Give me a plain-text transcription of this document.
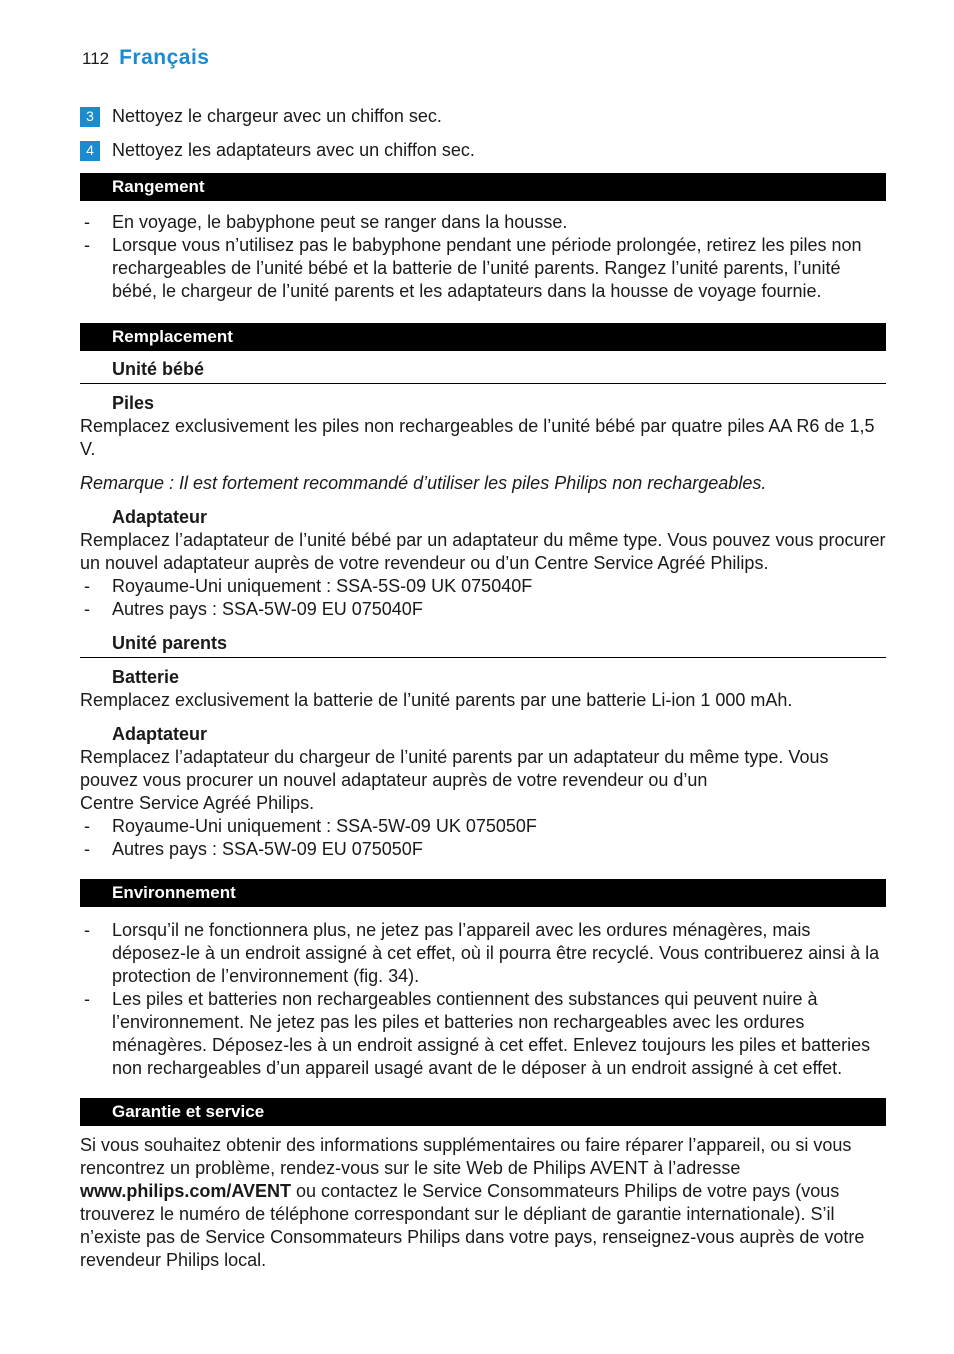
112 Français
3	Nettoyez le chargeur avec un chiffon sec.
4	Nettoyez les adaptateurs avec un chiffon sec.
Rangement
- En voyage, le babyphone peut se ranger dans la housse.
- Lorsque vous n’utilisez pas le babyphone pendant une période prolongée, retirez les piles non rechargeables de l’unité bébé et la batterie de l’unité parents. Rangez l’unité parents, l’unité bébé, le chargeur de l’unité parents et les adaptateurs dans la housse de voyage fournie.
Remplacement
Unité bébé
Piles

Remplacez exclusivement les piles non rechargeables de l’unité bébé par quatre piles AA R6 de 1,5 V.

Remarque : Il est fortement recommandé d’utiliser les piles Philips non rechargeables.

Adaptateur

Remplacez l’adaptateur de l’unité bébé par un adaptateur du même type. Vous pouvez vous procurer un nouvel adaptateur auprès de votre revendeur ou d’un Centre Service Agréé Philips.

- Royaume-Uni uniquement : SSA-5S-09 UK 075040F
- Autres pays : SSA-5W-09 EU 075040F
Unité parents
Batterie

Remplacez exclusivement la batterie de l’unité parents par une batterie Li-ion 1 000 mAh.

Adaptateur

Remplacez l’adaptateur du chargeur de l’unité parents par un adaptateur du même type. Vous pouvez vous procurer un nouvel adaptateur auprès de votre revendeur ou d’un

Centre Service Agréé Philips.

- Royaume-Uni uniquement : SSA-5W-09 UK 075050F
- Autres pays : SSA-5W-09 EU 075050F
Environnement
- Lorsqu’il ne fonctionnera plus, ne jetez pas l’appareil avec les ordures ménagères, mais déposez-le à un endroit assigné à cet effet, où il pourra être recyclé. Vous contribuerez ainsi à la protection de l’environnement (fig. 34).
- Les piles et batteries non rechargeables contiennent des substances qui peuvent nuire à l’environnement. Ne jetez pas les piles et batteries non rechargeables avec les ordures ménagères. Déposez-les à un endroit assigné à cet effet. Enlevez toujours les piles et batteries non rechargeables d’un appareil usagé avant de le déposer à un endroit assigné à cet effet.
Garantie et service

Si vous souhaitez obtenir des informations supplémentaires ou faire réparer l’appareil, ou si vous rencontrez un problème, rendez-vous sur le site Web de Philips AVENT à l’adresse www.philips.com/AVENT ou contactez le Service Consommateurs Philips de votre pays (vous trouverez le numéro de téléphone correspondant sur le dépliant de garantie internationale). S’il n’existe pas de Service Consommateurs Philips dans votre pays, renseignez-vous auprès de votre revendeur Philips local.
